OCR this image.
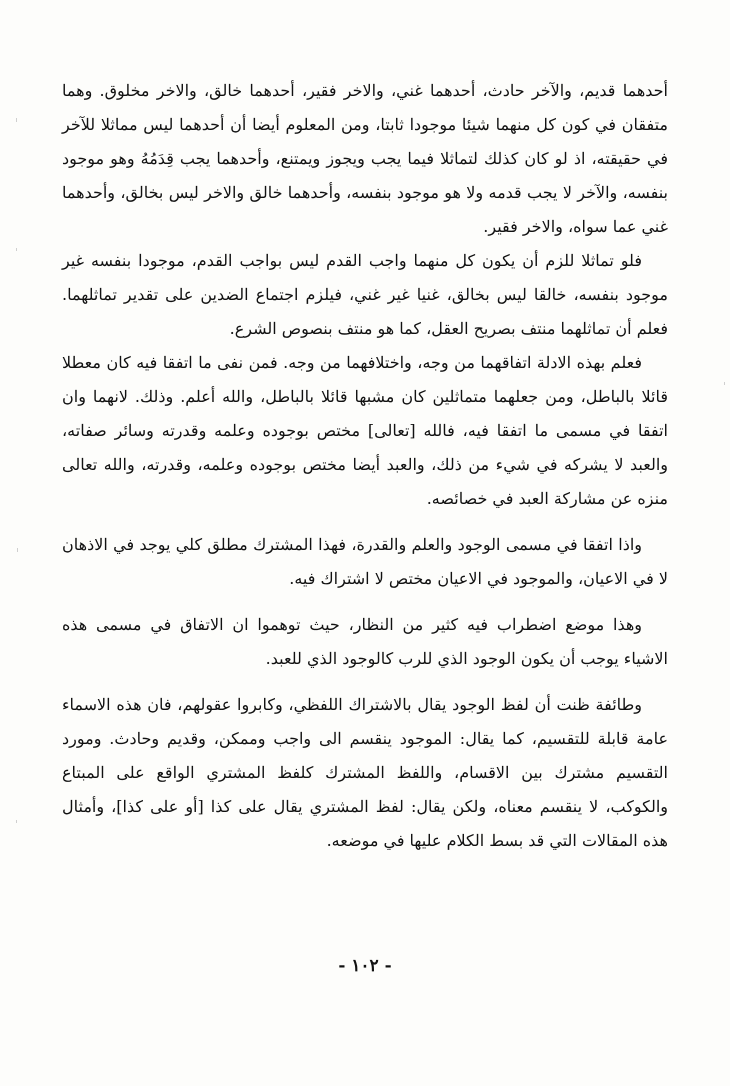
أحدهما قديم، والآخر حادث، أحدهما غني، والاخر فقير، أحدهما خالق، والاخر مخلوق. وهما متفقان في كون كل منهما شيئا موجودا ثابتا، ومن المعلوم أيضا أن أحدهما ليس مماثلا للآخر في حقيقته، اذ لو كان كذلك لتماثلا فيما يجب ويجوز ويمتنع، وأحدهما يجب قِدَمُهُ وهو موجود بنفسه، والآخر لا يجب قدمه ولا هو موجود بنفسه، وأحدهما خالق والاخر ليس بخالق، وأحدهما غني عما سواه، والاخر فقير.

فلو تماثلا للزم أن يكون كل منهما واجب القدم ليس بواجب القدم، موجودا بنفسه غير موجود بنفسه، خالقا ليس بخالق، غنيا غير غني، فيلزم اجتماع الضدين على تقدير تماثلهما. فعلم أن تماثلهما منتف بصريح العقل، كما هو منتف بنصوص الشرع.

فعلم بهذه الادلة اتفاقهما من وجه، واختلافهما من وجه. فمن نفى ما اتفقا فيه كان معطلا قائلا بالباطل، ومن جعلهما متماثلين كان مشبها قائلا بالباطل، والله أعلم. وذلك. لانهما وان اتفقا في مسمى ما اتفقا فيه، فالله [تعالى] مختص بوجوده وعلمه وقدرته وسائر صفاته، والعبد لا يشركه في شيء من ذلك، والعبد أيضا مختص بوجوده وعلمه، وقدرته، والله تعالى منزه عن مشاركة العبد في خصائصه.

واذا اتفقا في مسمى الوجود والعلم والقدرة، فهذا المشترك مطلق كلي يوجد في الاذهان لا في الاعيان، والموجود في الاعيان مختص لا اشتراك فيه.

وهذا موضع اضطراب فيه كثير من النظار، حيث توهموا ان الاتفاق في مسمى هذه الاشياء يوجب أن يكون الوجود الذي للرب كالوجود الذي للعبد.

وطائفة ظنت أن لفظ الوجود يقال بالاشتراك اللفظي، وكابروا عقولهم، فان هذه الاسماء عامة قابلة للتقسيم، كما يقال: الموجود ينقسم الى واجب وممكن، وقديم وحادث. ومورد التقسيم مشترك بين الاقسام، واللفظ المشترك كلفظ المشتري الواقع على المبتاع والكوكب، لا ينقسم معناه، ولكن يقال: لفظ المشتري يقال على كذا [أو على كذا]، وأمثال هذه المقالات التي قد بسط الكلام عليها في موضعه.

- ١٠٢ -
